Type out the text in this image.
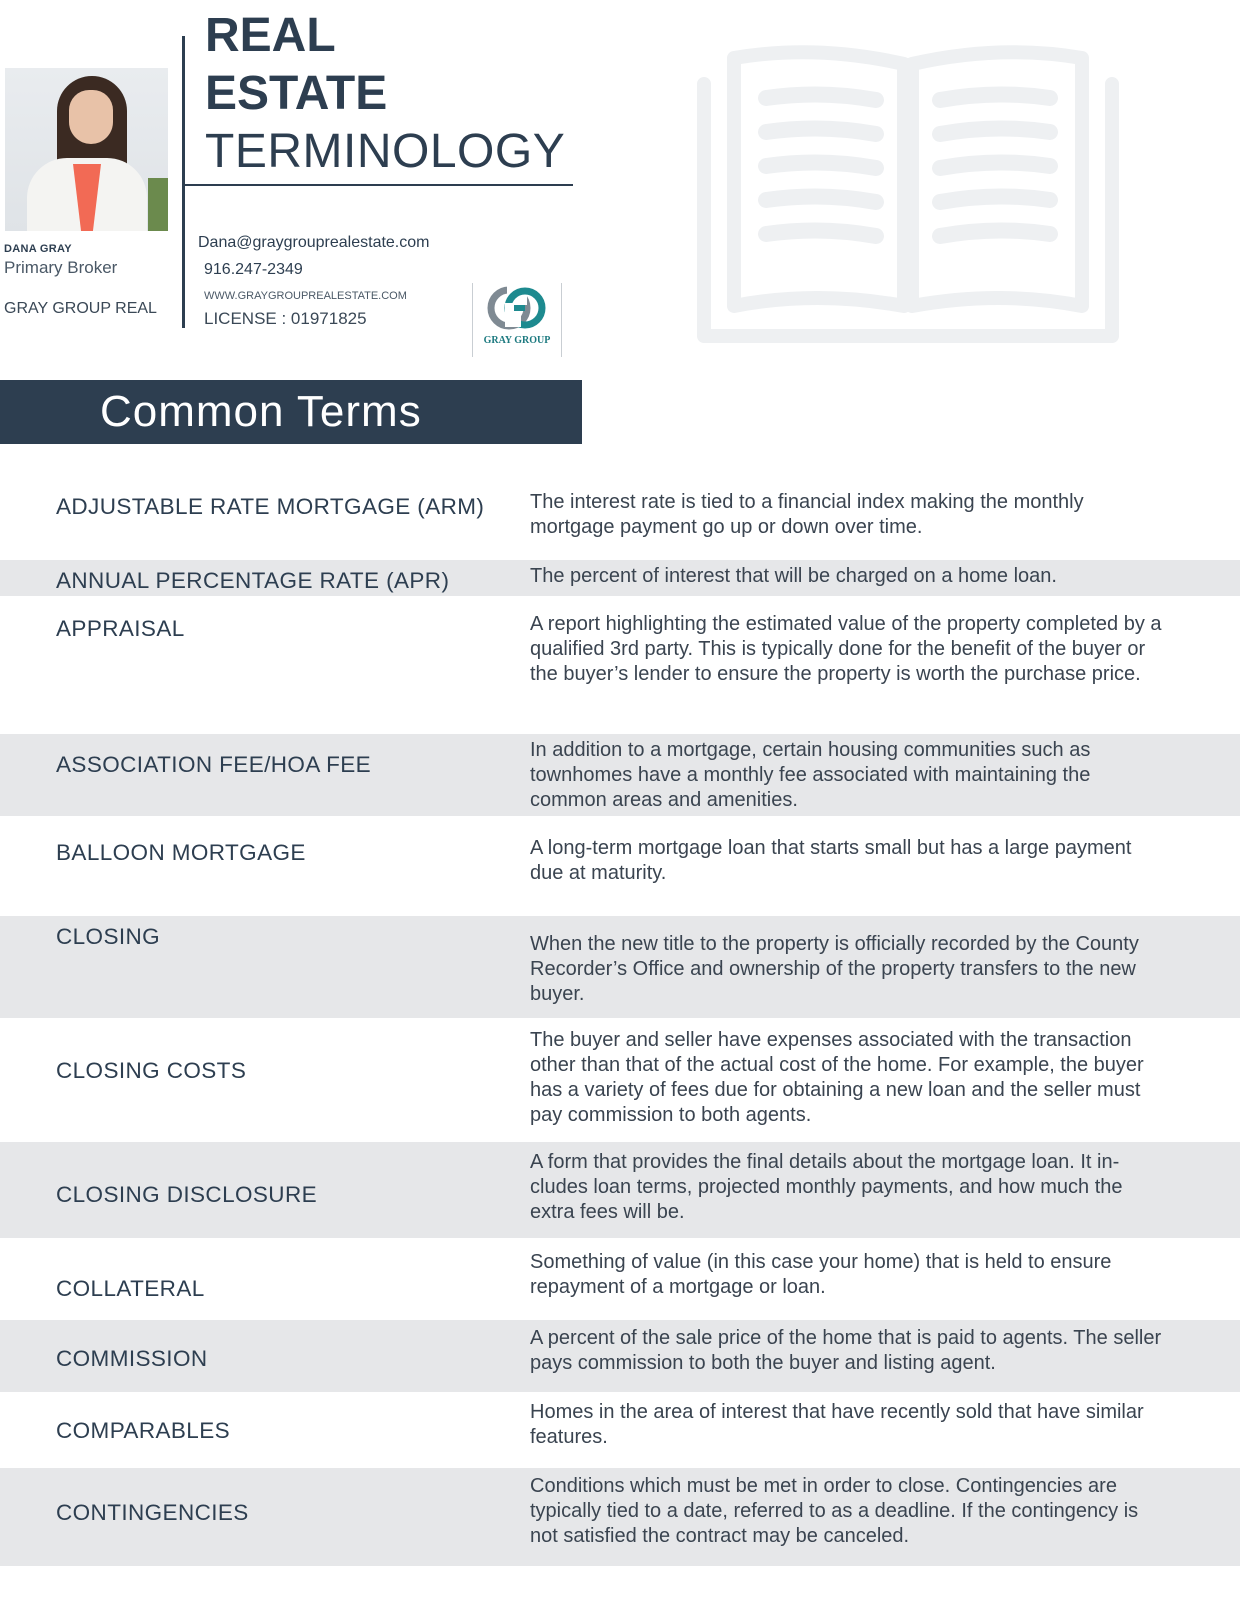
DANA GRAY
Primary Broker
GRAY GROUP REAL
REAL
ESTATE
TERMINOLOGY
Dana@graygrouprealestate.com
916.247-2349
WWW.GRAYGROUPREALESTATE.COM
LICENSE : 01971825
GRAY GROUP
Common Terms
ADJUSTABLE RATE MORTGAGE (ARM) The interest rate is tied to a financial index making the monthly mortgage payment go up or down over time.
ANNUAL PERCENTAGE RATE (APR)	The percent of interest that will be charged on a home loan.
APPRAISAL	A report highlighting the estimated value of the property completed by a qualified 3rd party. This is typically done for the benefit of the buyer or the buyer’s lender to ensure the property is worth the purchase price.
ASSOCIATION FEE/HOA FEE
In addition to a mortgage, certain housing communities such as townhomes have a monthly fee associated with maintaining the common areas and amenities.
BALLOON MORTGAGE	A long-term mortgage loan that starts small but has a large payment due at maturity.
CLOSING	When the new title to the property is officially recorded by the County Recorder’s Office and ownership of the property transfers to the new buyer.
CLOSING COSTS
The buyer and seller have expenses associated with the transaction other than that of the actual cost of the home. For example, the buyer has a variety of fees due for obtaining a new loan and the seller must pay commission to both agents.
CLOSING DISCLOSURE
A form that provides the final details about the mortgage loan. It in-cludes loan terms, projected monthly payments, and how much the extra fees will be.
COLLATERAL
Something of value (in this case your home) that is held to ensure repayment of a mortgage or loan.
COMMISSION
A percent of the sale price of the home that is paid to agents. The seller pays commission to both the buyer and listing agent.
COMPARABLES
Homes in the area of interest that have recently sold that have similar features.
CONTINGENCIES
Conditions which must be met in order to close. Contingencies are typically tied to a date, referred to as a deadline. If the contingency is not satisfied the contract may be canceled.
